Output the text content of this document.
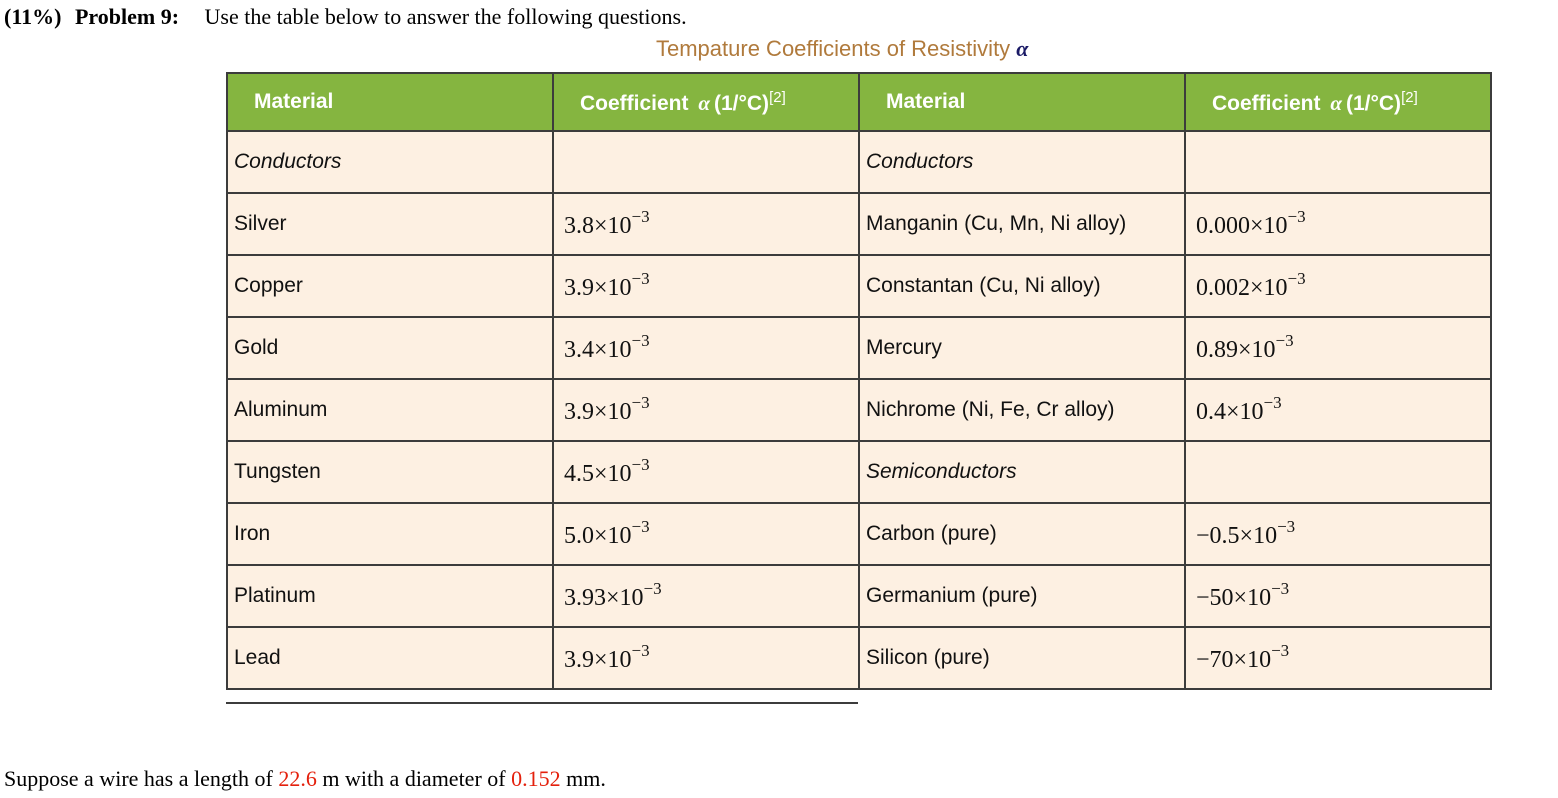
(11%) Problem 9: Use the table below to answer the following questions.
Tempature Coefficients of Resistivity α
Material	Coefficient α (1/°C)[2]	Material	Coefficient α (1/°C)[2]
Conductors		Conductors	
Silver	$3.8\times 10^{-3}$	Manganin (Cu, Mn, Ni alloy)	$0.000\times 10^{-3}$
Copper	$3.9\times 10^{-3}$	Constantan (Cu, Ni alloy)	$0.002\times 10^{-3}$
Gold	$3.4\times 10^{-3}$	Mercury	$0.89\times 10^{-3}$
Aluminum	$3.9\times 10^{-3}$	Nichrome (Ni, Fe, Cr alloy)	$0.4\times 10^{-3}$
Tungsten	$4.5\times 10^{-3}$	Semiconductors	
Iron	$5.0\times 10^{-3}$	Carbon (pure)	$-0.5\times 10^{-3}$
Platinum	$3.93\times 10^{-3}$	Germanium (pure)	$-50\times 10^{-3}$
Lead	$3.9\times 10^{-3}$	Silicon (pure)	$-70\times 10^{-3}$
Suppose a wire has a length of 22.6 m with a diameter of 0.152 mm.
